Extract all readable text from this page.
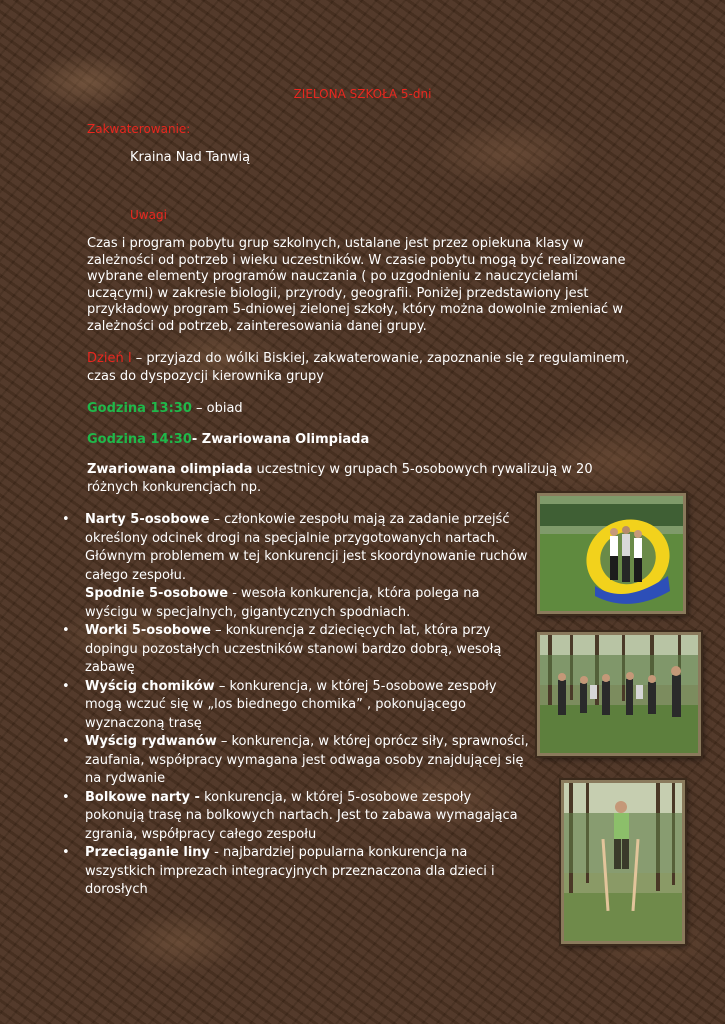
ZIELONA SZKOŁA 5-dni
Zakwaterowanie:
Kraina Nad Tanwią
Uwagi
Czas i program pobytu grup szkolnych, ustalane jest przez opiekuna klasy w zależności od potrzeb i wieku uczestników. W czasie pobytu mogą być realizowane wybrane elementy programów nauczania ( po uzgodnieniu z nauczycielami uczącymi) w zakresie biologii, przyrody, geografii. Poniżej przedstawiony jest przykładowy program 5-dniowej zielonej szkoły, który można dowolnie zmieniać w zależności od potrzeb, zainteresowania danej grupy.
Dzień I – przyjazd do wólki Biskiej, zakwaterowanie, zapoznanie się z regulaminem, czas do dyspozycji kierownika grupy
Godzina 13:30 – obiad
Godzina 14:30- Zwariowana Olimpiada
Zwariowana olimpiada uczestnicy w grupach 5-osobowych rywalizują w 20 różnych konkurencjach np.
• Narty 5-osobowe – członkowie zespołu mają za zadanie przejść określony odcinek drogi na specjalnie przygotowanych nartach. Głównym problemem w tej konkurencji jest skoordynowanie ruchów całego zespołu.
Spodnie 5-osobowe - wesoła konkurencja, która polega na wyścigu w specjalnych, gigantycznych spodniach.
• Worki 5-osobowe – konkurencja z dziecięcych lat, która przy dopingu pozostałych uczestników stanowi bardzo dobrą, wesołą zabawę
• Wyścig chomików – konkurencja, w której 5-osobowe zespoły mogą wczuć się w „los biednego chomika” , pokonującego wyznaczoną trasę
• Wyścig rydwanów – konkurencja, w której oprócz siły, sprawności, zaufania, współpracy wymagana jest odwaga osoby znajdującej się na rydwanie
• Bolkowe narty - konkurencja, w której 5-osobowe zespoły pokonują trasę na bolkowych nartach. Jest to zabawa wymagająca zgrania, współpracy całego zespołu
• Przeciąganie liny - najbardziej popularna konkurencja na wszystkich imprezach integracyjnych przeznaczona dla dzieci i dorosłych
